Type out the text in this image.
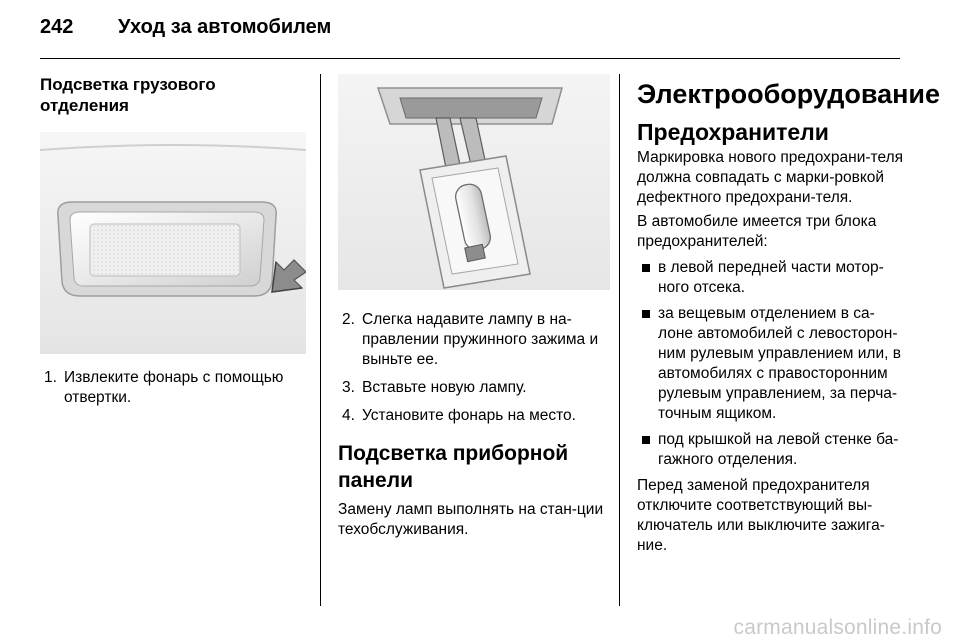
242 Уход за автомобилем
Подсветка грузового
отделения
1. Извлеките фонарь с помощью отвертки.
2. Слегка надавите лампу в на-правлении пружинного зажима и выньте ее.
3. Вставьте новую лампу.
4. Установите фонарь на место.
Подсветка приборной
панели

Замену ламп выполнять на стан-ции техобслуживания.

Электрооборудование
Предохранители

Маркировка нового предохрани-теля должна совпадать с марки-ровкой дефектного предохрани-теля.

В автомобиле имеется три блока предохранителей:

в левой передней части мотор-ного отсека.
за вещевым отделением в са-лоне автомобилей с левосторон-ним рулевым управлением или, в автомобилях с правосторонним рулевым управлением, за перча-точным ящиком.
под крышкой на левой стенке ба-гажного отделения.

Перед заменой предохранителя отключите соответствующий вы-ключатель или выключите зажига-ние.

carmanualsonline.info
